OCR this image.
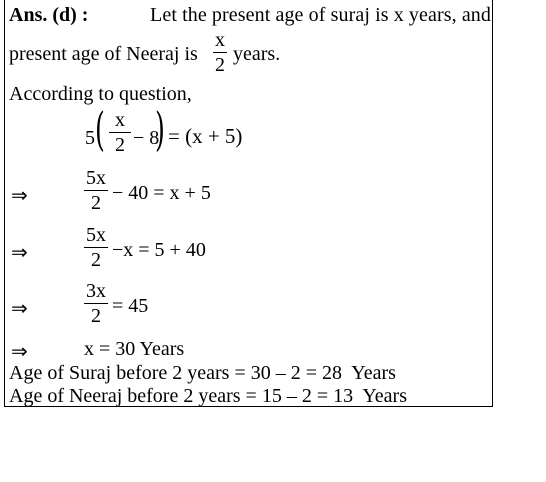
Ans. (d) :	Let the present age of suraj is x years, and
present age of Neeraj is
x
2 years.
According to question,
5 ( x
2 − 8
) = (x + 5)
⇒
5x
2 − 40 = x + 5
⇒
5x
2 −x = 5 + 40
⇒
3x
2 = 45
⇒	x = 30 Years
Age of Suraj before 2 years = 30 – 2 = 28  Years
Age of Neeraj before 2 years = 15 – 2 = 13  Years
